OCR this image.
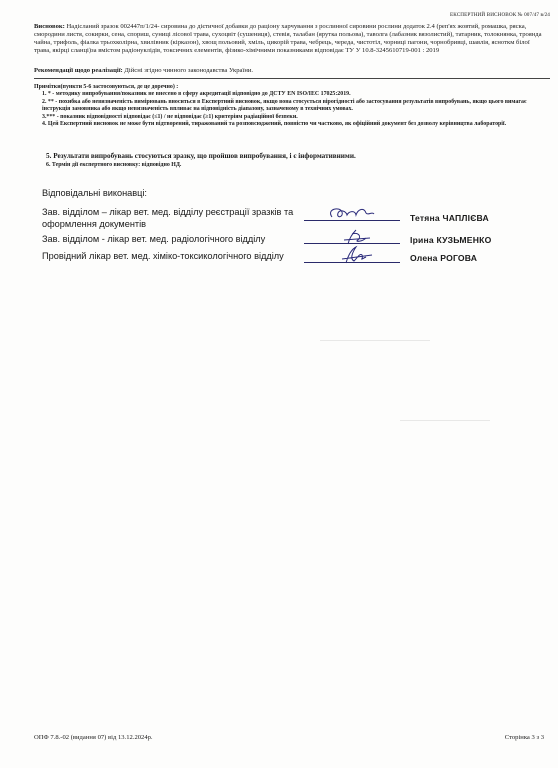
ЕКСПЕРТНИЙ ВИСНОВОК № 007/47 в/24
Висновок: Надісланий зразок 002447п/1/24- сировина до дієтичної добавки до раціону харчування з рослинної сировини рослини додаток 2.4 (реп'ях жовтий, ромашка, ряска, смородини листя, сокирки, сена, спориш, суниці лісової трава, сухоцвіт (сушениця), стевія, талабан (ярутка польова), таволга (лабазник вязолистий), татарник, толокнянка, троянда чайна, трифоль, фіалка трьохколірна, хвилівник (кірказон), хвощ польовий, хміль, цикорій трава, чебрець, череда, чистотіл, чорниці пагони, чорнобривці, шавлія, ясноткм білої трава, якірці сланці)за вмістом радіонуклідів, токсичних елементів, фізико-хімічними показниками відповідає ТУ У 10.8-3245610719-001 : 2019
Рекомендації щодо реалізації: Дійсні згідно чинного законодавства України.

Примітки(пункти 5-6 застосовуються, де це доречно) :

1. * - методику випробування/показник не внесено в сферу акредитації відповідно до ДСТУ EN ISO/IEC 17025:2019.

2. ** - похибка або невизначеність вимірювань вноситься в Експертний висновок, якщо вона стосується вірогідності або застосування результатів випробувань, якщо цього вимагає інструкція замовника або якщо невизначеність впливає на відповідність діапазону, зазначеному в технічних умовах.

3.*** - показник відповідності відповідає (≤1) / не відповідає (≥1) критеріям радіаційної безпеки.

4. Цей Експертний висновок не може бути відтворений, тиражований та розповсюджений, повністю чи частково, як офіційний документ без дозволу керівництва лабораторії.

5. Результати випробувань стосуються зразку, що пройшов випробування, і є інформативними.
6. Термін дії експертного висновку: відповідно НД.
Відповідальні виконавці:
Зав. відділом – лікар вет. мед. відділу реєстрації зразків та
оформлення документів
Тетяна ЧАПЛІЄВА
Зав. відділом - лікар вет. мед. радіологічного відділу	Ірина КУЗЬМЕНКО
Провідний лікар вет. мед. хіміко-токсикологічного відділу	Олена РОГОВА
ОПФ 7.8.-02 (видання 07) від 13.12.2024р.	Сторінка 3 з 3
